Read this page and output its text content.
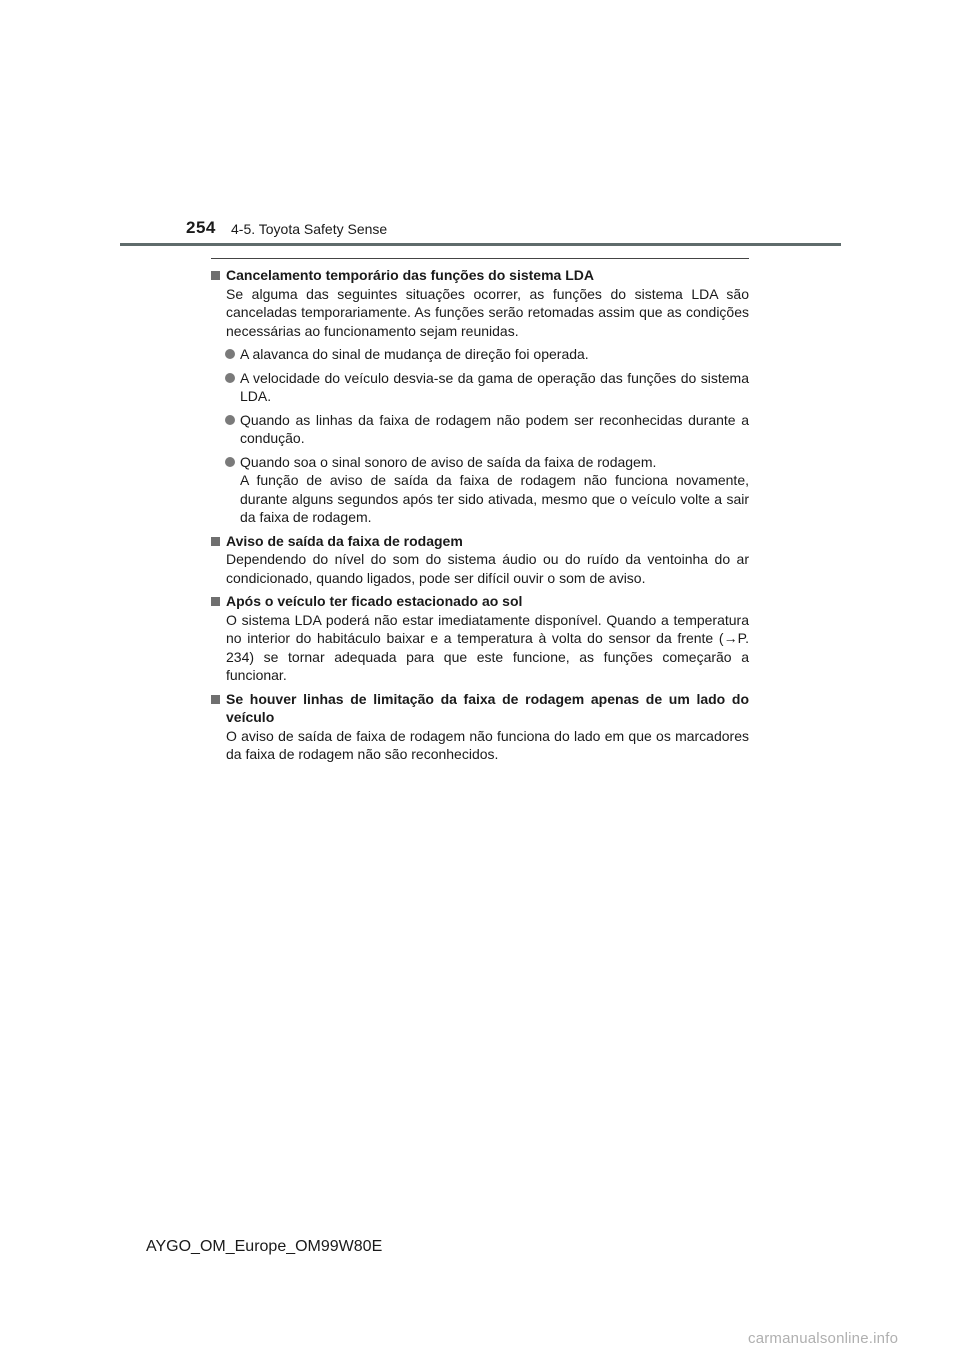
254 4-5. Toyota Safety Sense
Cancelamento temporário das funções do sistema LDA
Se alguma das seguintes situações ocorrer, as funções do sistema LDA são canceladas temporariamente. As funções serão retomadas assim que as condições necessárias ao funcionamento sejam reunidas.
A alavanca do sinal de mudança de direção foi operada.
A velocidade do veículo desvia-se da gama de operação das funções do sistema LDA.
Quando as linhas da faixa de rodagem não podem ser reconhecidas durante a condução.
Quando soa o sinal sonoro de aviso de saída da faixa de rodagem.
A função de aviso de saída da faixa de rodagem não funciona novamente, durante alguns segundos após ter sido ativada, mesmo que o veículo volte a sair da faixa de rodagem.
Aviso de saída da faixa de rodagem
Dependendo do nível do som do sistema áudio ou do ruído da ventoinha do ar condicionado, quando ligados, pode ser difícil ouvir o som de aviso.
Após o veículo ter ficado estacionado ao sol
O sistema LDA poderá não estar imediatamente disponível. Quando a temperatura no interior do habitáculo baixar e a temperatura à volta do sensor da frente (→P. 234) se tornar adequada para que este funcione, as funções começarão a funcionar.
Se houver linhas de limitação da faixa de rodagem apenas de um lado do veículo
O aviso de saída de faixa de rodagem não funciona do lado em que os marcadores da faixa de rodagem não são reconhecidos.
AYGO_OM_Europe_OM99W80E
carmanualsonline.info
